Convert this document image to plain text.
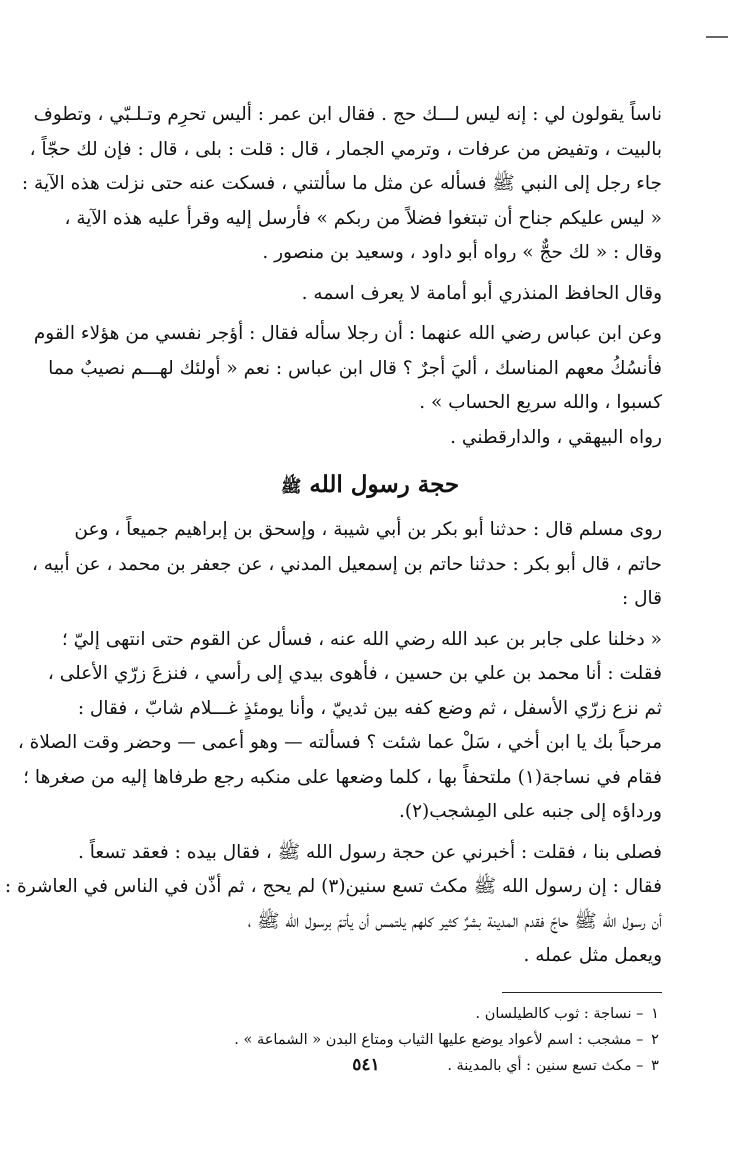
ناساً يقولون لي : إنه ليس لـــك حج . فقال ابن عمر : أليس تحرِم وتـلـبّي ، وتطوف
بالبيت ، وتفيض من عرفات ، وترمي الجمار ، قال : قلت : بلى ، قال : فإن لك حجّاً ،
جاء رجل إلى النبي ﷺ فسأله عن مثل ما سألتني ، فسكت عنه حتى نزلت هذه الآية :
« ليس عليكم جناح أن تبتغوا فضلاً من ربكم » فأرسل إليه وقرأ عليه هذه الآية ،
وقال : « لك حجٌّ » رواه أبو داود ، وسعيد بن منصور .

وقال الحافظ المنذري أبو أمامة لا يعرف اسمه .

وعن ابن عباس رضي الله عنهما : أن رجلا سأله فقال : أؤجر نفسي من هؤلاء القوم
فأنسُكُ معهم المناسك ، أليَ أجرٌ ؟ قال ابن عباس : نعم « أولئك لهـــم نصيبٌ مما
كسبوا ، والله سريع الحساب » .
رواه البيهقي ، والدارقطني .

حجة رسول الله ﷺ

روى مسلم قال : حدثنا أبو بكر بن أبي شيبة ، وإسحق بن إبراهيم جميعاً ، وعن
حاتم ، قال أبو بكر : حدثنا حاتم بن إسمعيل المدني ، عن جعفر بن محمد ، عن أبيه ،
قال :

« دخلنا على جابر بن عبد الله رضي الله عنه ، فسأل عن القوم حتى انتهى إليّ ؛
فقلت : أنا محمد بن علي بن حسين ، فأهوى بيدي إلى رأسي ، فنزعَ زرّي الأعلى ،
ثم نزع زرّي الأسفل ، ثم وضع كفه بين ثدييّ ، وأنا يومئذٍ غـــلام شابّ ، فقال :
مرحباً بك يا ابن أخي ، سَلْ عما شئت ؟ فسألته — وهو أعمى — وحضر وقت الصلاة ،
فقام في نساجة(١) ملتحفاً بها ، كلما وضعها على منكبه رجع طرفاها إليه من صغرها ؛
ورداؤه إلى جنبه على المِشجب(٢).

فصلى بنا ، فقلت : أخبرني عن حجة رسول الله ﷺ ، فقال بيده : فعقد تسعاً .
فقال : إن رسول الله ﷺ مكث تسع سنين(٣) لم يحج ، ثم أذّن في الناس في العاشرة :
أن رسول الله ﷺ حاجّ فقدم المدينة بشرٌ كثير كلهم يلتمس أن يأتمّ برسول الله ﷺ ،
ويعمل مثل عمله .

١ – نساجة : ثوب كالطيلسان .
٢ – مشجب : اسم لأعواد يوضع عليها الثياب ومتاع البدن « الشماعة » .
٣ – مكث تسع سنين : أي بالمدينة .
٥٤١
